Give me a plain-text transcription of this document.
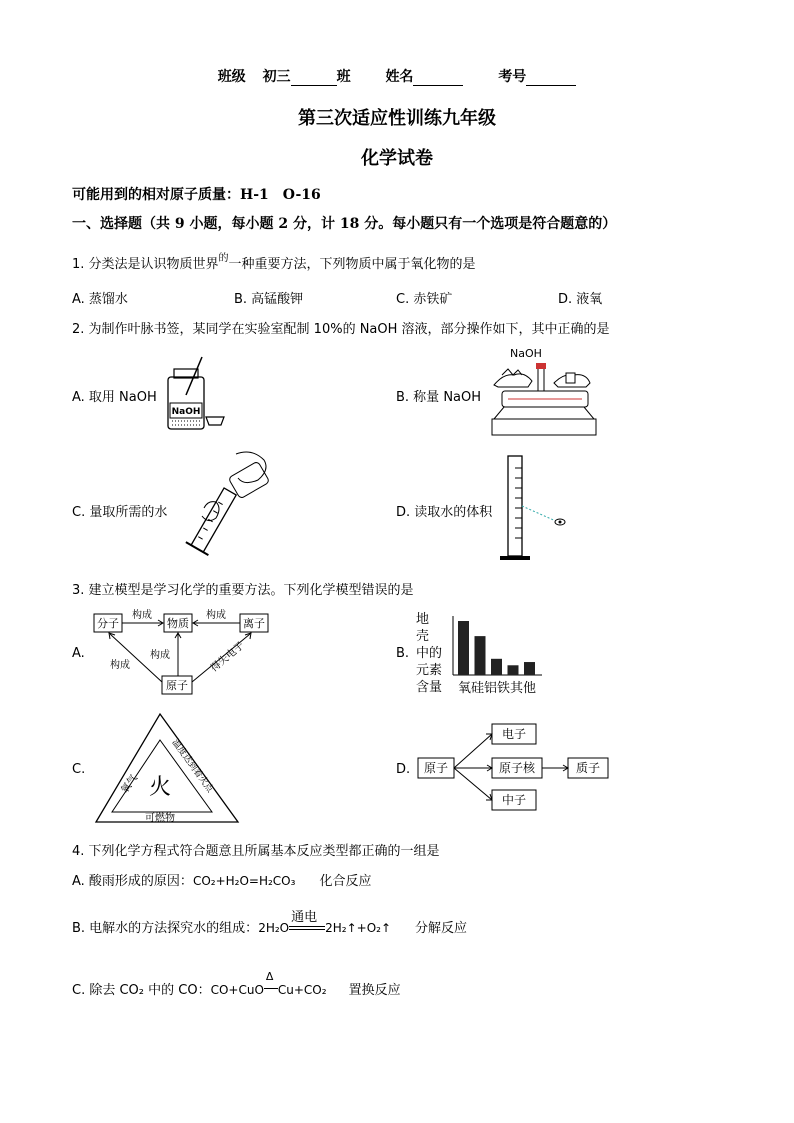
班级 初三	班 姓名	考号
第三次适应性训练九年级
化学试卷
可能用到的相对原子质量：H-1　O-16
一、选择题（共 9 小题，每小题 2 分，计 18 分。每小题只有一个选项是符合题意的）
1. 分类法是认识物质世界$^的$一种重要方法，下列物质中属于氧化物的是
A. 蒸馏水	B. 高锰酸钾	C. 赤铁矿	D. 液氧
2. 为制作叶脉书签，某同学在实验室配制 10%的 NaOH 溶液，部分操作如下，其中正确的是
A. 取用 NaOH
NaOH
B. 称量 NaOH
NaOH
C. 量取所需的水	D. 读取水的体积
3. 建立模型是学习化学的重要方法。下列化学模型错误的是
A.
分子	物质	离子
原子
构成	构成
构成
构成	得失电子	B.
地
壳
中的
元素
含量	氧硅铝铁其他
C.
火
氧气	温度达到着火点
可燃物
D. 原子
电子
原子核
中子
质子
4. 下列化学方程式符合题意且所属基本反应类型都正确的一组是
A. 酸雨形成的原因：CO₂+H₂O=H₂CO₃ 化合反应
B. 电解水的方法探究水的组成：2H₂O
通电
2H₂↑+O₂↑ 分解反应
C. 除去 CO₂ 中的 CO：CO+CuO
Δ
Cu+CO₂ 置换反应
